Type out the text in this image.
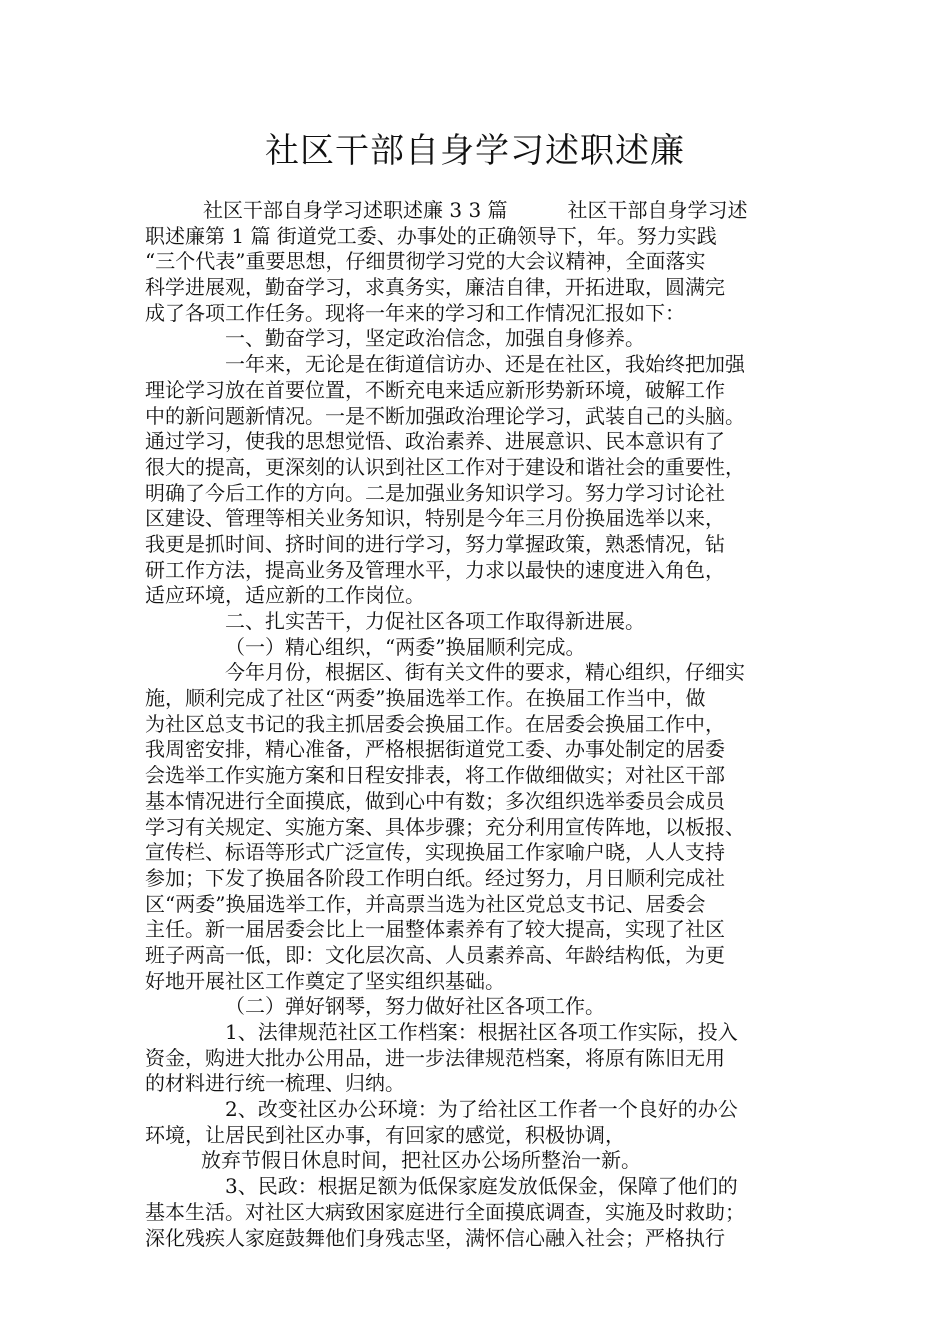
社区干部自身学习述职述廉
社区干部自身学习述职述廉 3 3 篇　　　社区干部自身学习述
职述廉第 1 篇 街道党工委、办事处的正确领导下，年。努力实践
“三个代表”重要思想，仔细贯彻学习党的大会议精神，全面落实
科学进展观，勤奋学习，求真务实，廉洁自律，开拓进取，圆满完
成了各项工作任务。现将一年来的学习和工作情况汇报如下：
一、勤奋学习，坚定政治信念，加强自身修养。
一年来，无论是在街道信访办、还是在社区，我始终把加强
理论学习放在首要位置，不断充电来适应新形势新环境，破解工作
中的新问题新情况。一是不断加强政治理论学习，武装自己的头脑。
通过学习，使我的思想觉悟、政治素养、进展意识、民本意识有了
很大的提高，更深刻的认识到社区工作对于建设和谐社会的重要性，
明确了今后工作的方向。二是加强业务知识学习。努力学习讨论社
区建设、管理等相关业务知识，特别是今年三月份换届选举以来，
我更是抓时间、挤时间的进行学习，努力掌握政策，熟悉情况，钻
研工作方法，提高业务及管理水平，力求以最快的速度进入角色，
适应环境，适应新的工作岗位。
二、扎实苦干，力促社区各项工作取得新进展。
（一）精心组织，“两委”换届顺利完成。
今年月份，根据区、街有关文件的要求，精心组织，仔细实
施，顺利完成了社区“两委”换届选举工作。在换届工作当中，做
为社区总支书记的我主抓居委会换届工作。在居委会换届工作中，
我周密安排，精心准备，严格根据街道党工委、办事处制定的居委
会选举工作实施方案和日程安排表，将工作做细做实；对社区干部
基本情况进行全面摸底，做到心中有数；多次组织选举委员会成员
学习有关规定、实施方案、具体步骤；充分利用宣传阵地，以板报、
宣传栏、标语等形式广泛宣传，实现换届工作家喻户晓，人人支持
参加；下发了换届各阶段工作明白纸。经过努力，月日顺利完成社
区“两委”换届选举工作，并高票当选为社区党总支书记、居委会
主任。新一届居委会比上一届整体素养有了较大提高，实现了社区
班子两高一低，即：文化层次高、人员素养高、年龄结构低，为更
好地开展社区工作奠定了坚实组织基础。
（二）弹好钢琴，努力做好社区各项工作。
1、法律规范社区工作档案：根据社区各项工作实际，投入
资金，购进大批办公用品，进一步法律规范档案，将原有陈旧无用
的材料进行统一梳理、归纳。
2、改变社区办公环境：为了给社区工作者一个良好的办公
环境，让居民到社区办事，有回家的感觉，积极协调，
放弃节假日休息时间，把社区办公场所整治一新。
3、民政：根据足额为低保家庭发放低保金，保障了他们的
基本生活。对社区大病致困家庭进行全面摸底调查，实施及时救助；
深化残疾人家庭鼓舞他们身残志坚，满怀信心融入社会；严格执行
